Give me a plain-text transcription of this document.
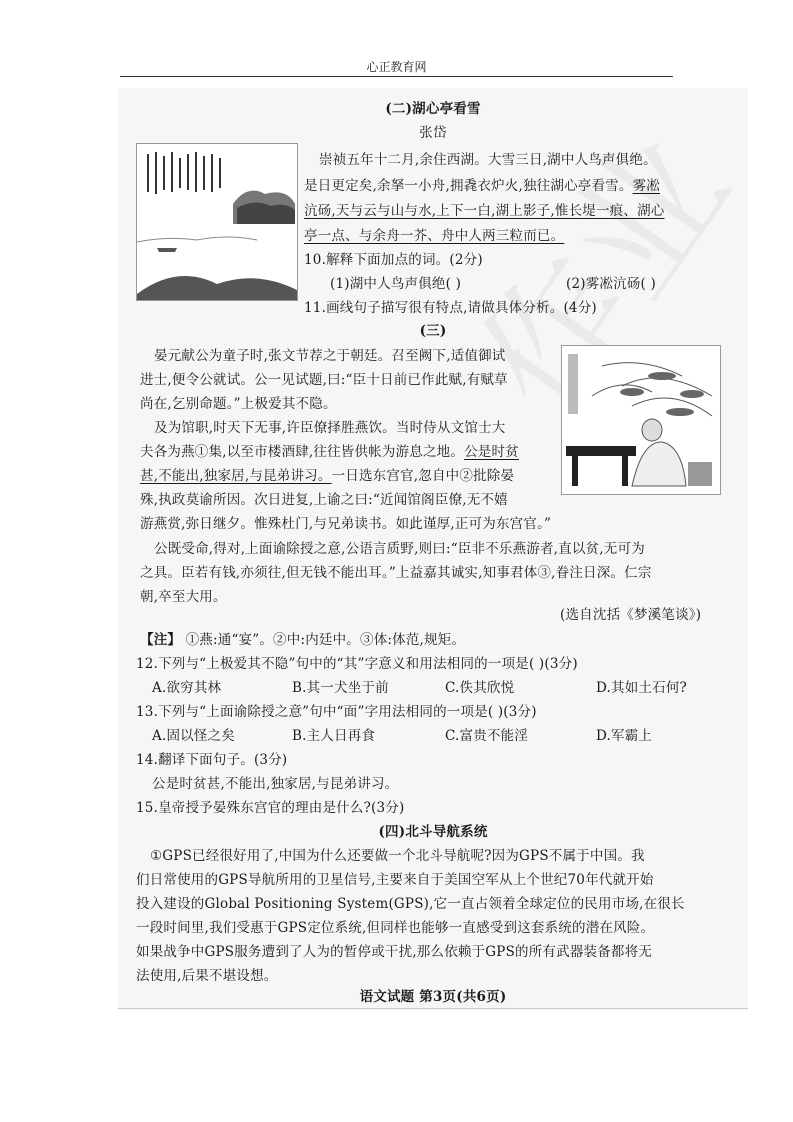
心正教育网
(二)湖心亭看雪
张岱
崇祯五年十二月,余住西湖。大雪三日,湖中人鸟声俱绝。
是日更定矣,余拏一小舟,拥毳衣炉火,独往湖心亭看雪。雾凇
沆砀,天与云与山与水,上下一白,湖上影子,惟长堤一痕、湖心
亭一点、与余舟一芥、舟中人两三粒而已。
10.解释下面加点的词。(2分)
(1)湖中人鸟声俱绝( )	(2)雾凇沆砀( )
11.画线句子描写很有特点,请做具体分析。(4分)
(三)
晏元献公为童子时,张文节荐之于朝廷。召至阙下,适值御试
进士,便令公就试。公一见试题,曰:“臣十日前已作此赋,有赋草
尚在,乞别命题。”上极爱其不隐。
及为馆职,时天下无事,许臣僚择胜燕饮。当时侍从文馆士大
夫各为燕①集,以至市楼酒肆,往往皆供帐为游息之地。公是时贫
甚,不能出,独家居,与昆弟讲习。一日选东宫官,忽自中②批除晏
殊,执政莫谕所因。次日进复,上谕之曰:“近闻馆阁臣僚,无不嬉
游燕赏,弥日继夕。惟殊杜门,与兄弟读书。如此谨厚,正可为东宫官。”
公既受命,得对,上面谕除授之意,公语言质野,则曰:“臣非不乐燕游者,直以贫,无可为
之具。臣若有钱,亦须往,但无钱不能出耳。”上益嘉其诚实,知事君体③,眷注日深。仁宗
朝,卒至大用。
(选自沈括《梦溪笔谈》)
【注】 ①燕:通“宴”。②中:内廷中。③体:体范,规矩。
12.下列与“上极爱其不隐”句中的“其”字意义和用法相同的一项是( )(3分)
A.欲穷其林	B.其一犬坐于前	C.佚其欣悦	D.其如土石何?
13.下列与“上面谕除授之意”句中“面”字用法相同的一项是( )(3分)
A.固以怪之矣	B.主人日再食	C.富贵不能淫	D.军霸上
14.翻译下面句子。(3分)
公是时贫甚,不能出,独家居,与昆弟讲习。
15.皇帝授予晏殊东宫官的理由是什么?(3分)
(四)北斗导航系统
①GPS已经很好用了,中国为什么还要做一个北斗导航呢?因为GPS不属于中国。我
们日常使用的GPS导航所用的卫星信号,主要来自于美国空军从上个世纪70年代就开始
投入建设的Global Positioning System(GPS),它一直占领着全球定位的民用市场,在很长
一段时间里,我们受惠于GPS定位系统,但同样也能够一直感受到这套系统的潜在风险。
如果战争中GPS服务遭到了人为的暂停或干扰,那么依赖于GPS的所有武器装备都将无
法使用,后果不堪设想。
语文试题 第3页(共6页)
